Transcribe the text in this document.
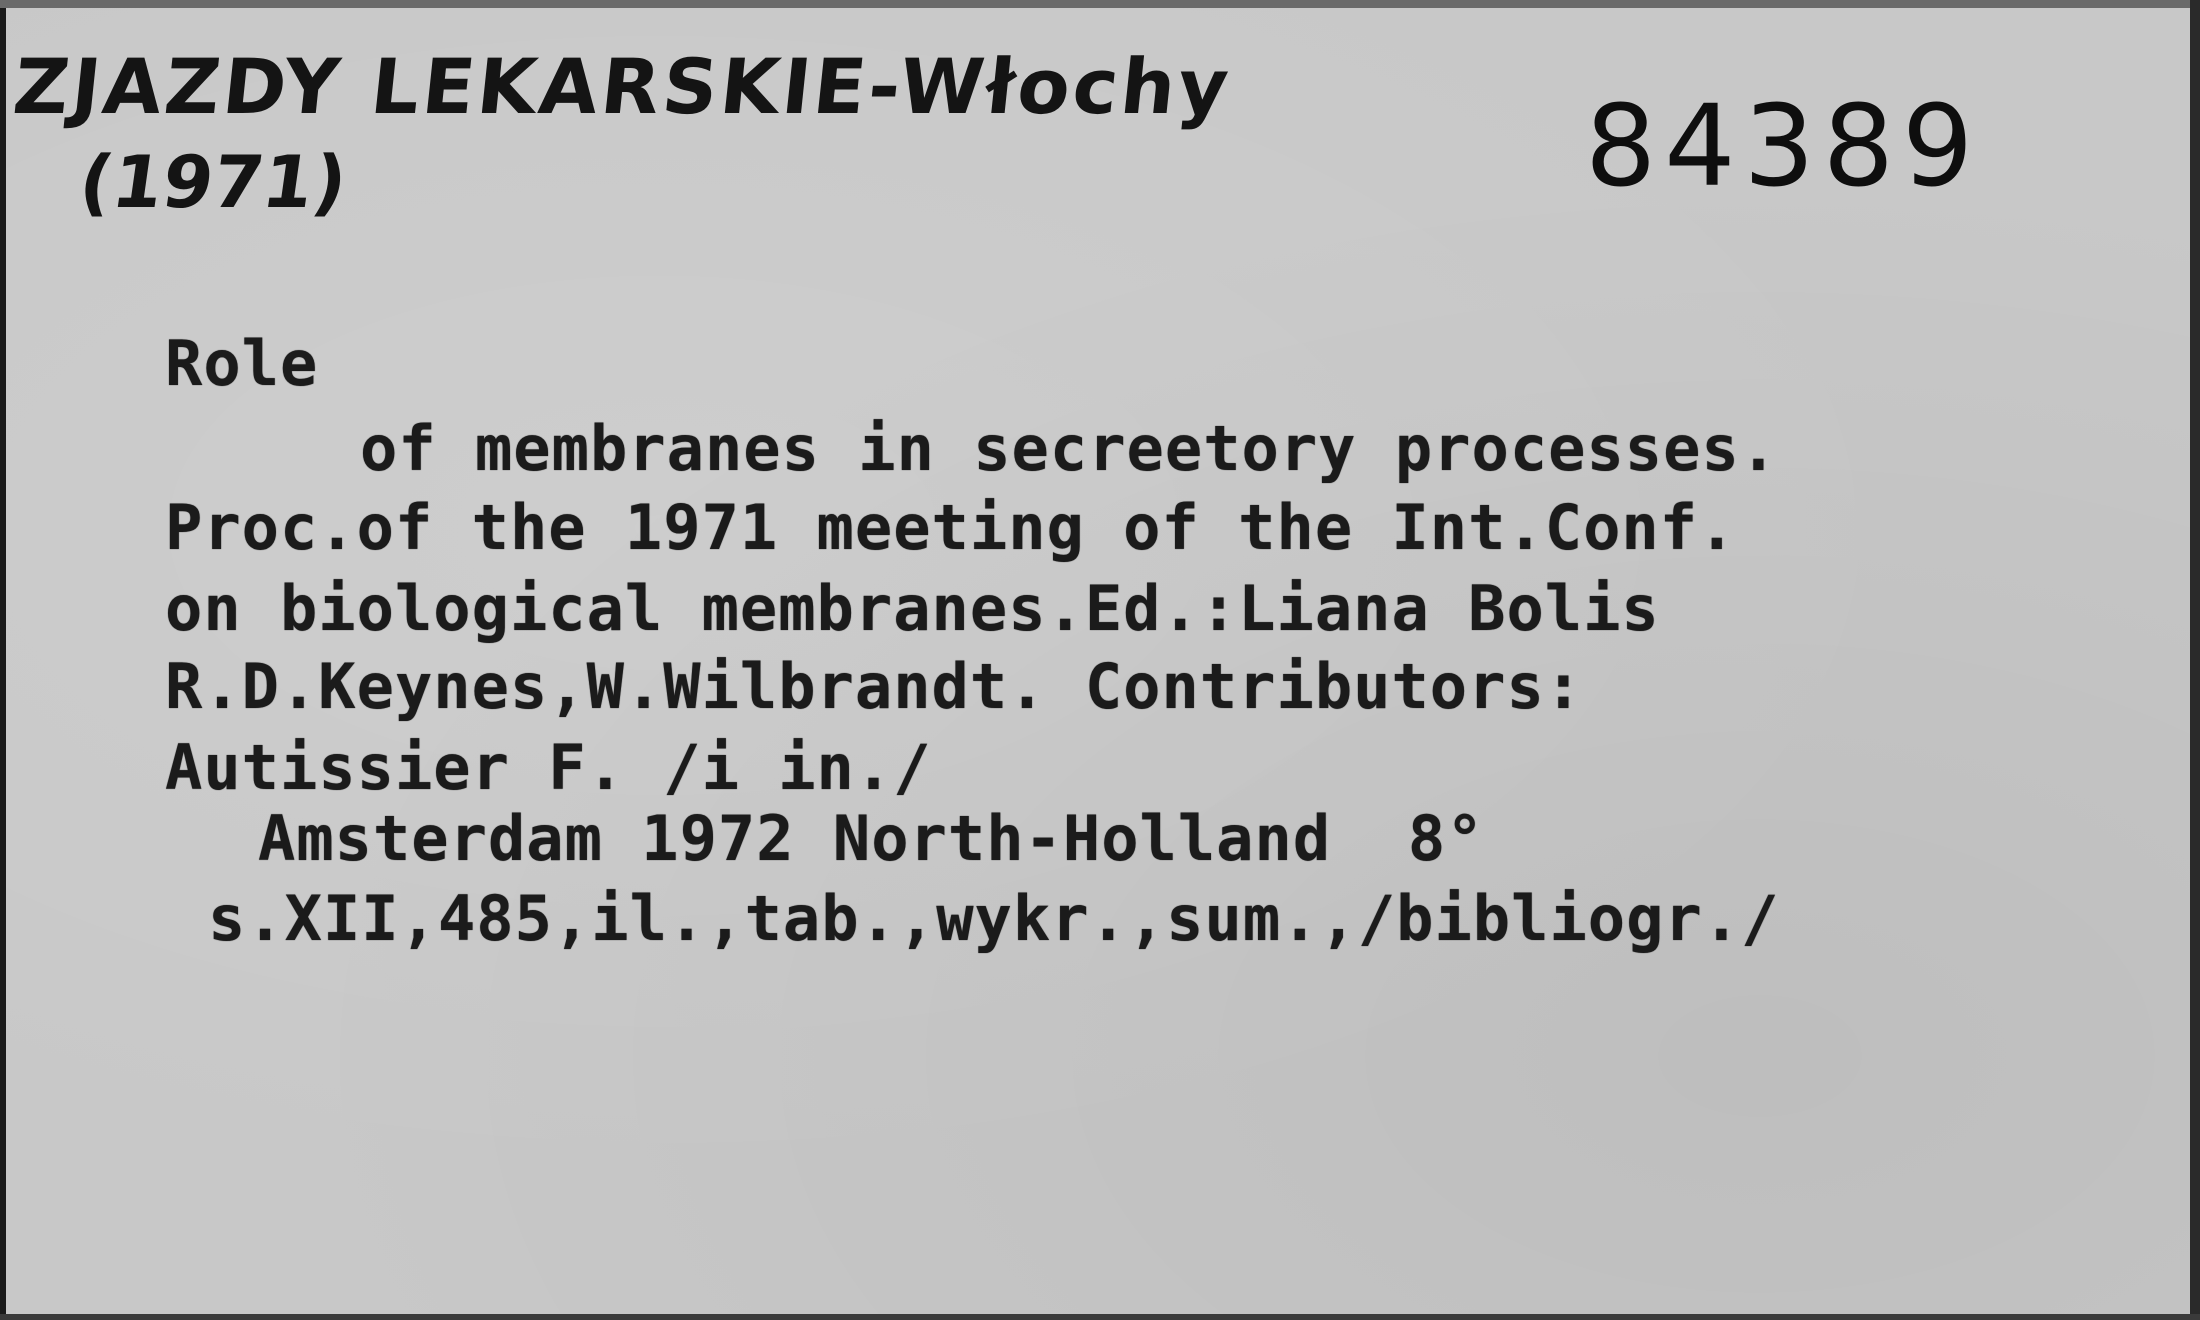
ZJAZDY LEKARSKIE-Włochy
(1971)	84389
Role
of membranes in secreetory processes.
Proc.of the 1971 meeting of the Int.Conf.
on biological membranes.Ed.:Liana Bolis
R.D.Keynes,W.Wilbrandt. Contributors:
Autissier F. /i in./
Amsterdam 1972 North-Holland  8°
s.XII,485,il.,tab.,wykr.,sum.,/bibliogr./
